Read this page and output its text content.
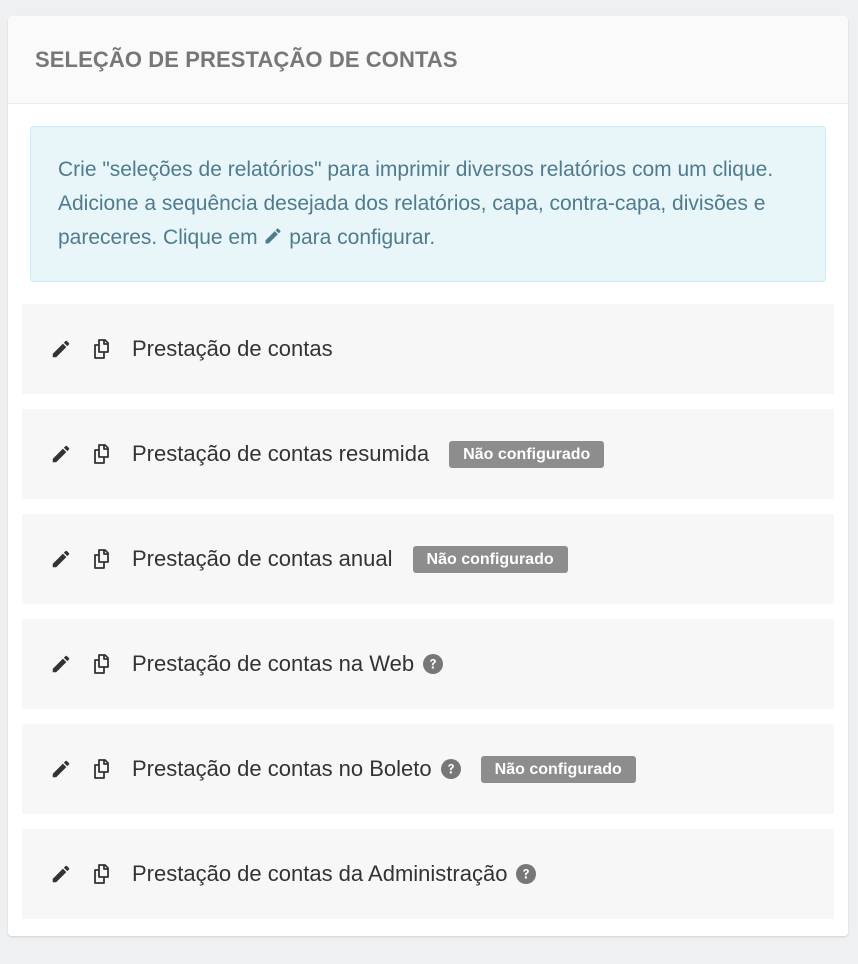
SELEÇÃO DE PRESTAÇÃO DE CONTAS
Crie "seleções de relatórios" para imprimir diversos relatórios com um clique. Adicione a sequência desejada dos relatórios, capa, contra-capa, divisões e pareceres. Clique em  para configurar.
Prestação de contas
Prestação de contas resumida	Não configurado
Prestação de contas anual	Não configurado
Prestação de contas na Web
Prestação de contas no Boleto	Não configurado
Prestação de contas da Administração
